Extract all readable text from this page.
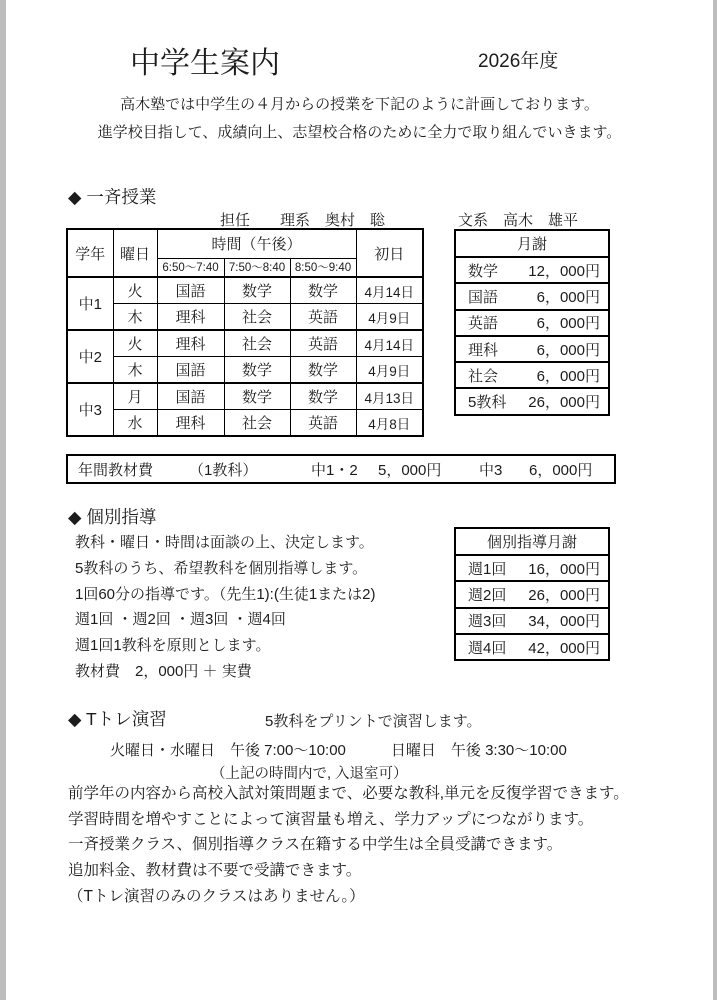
中学生案内	2026年度
高木塾では中学生の４月からの授業を下記のように計画しております。
進学校目指して、成績向上、志望校合格のために全力で取り組んでいきます。
◆ 一斉授業
担任　　理系　奥村　聡	文系　高木　雄平
学年	曜日	時間（午後）			初日
		6:50～7:40	7:50～8:40	8:50～9:40	
中1	火	国語	数学	数学	4月14日
	木	理科	社会	英語	4月9日
中2	火	理科	社会	英語	4月14日
	木	国語	数学	数学	4月9日
中3	月	国語	数学	数学	4月13日
	水	理科	社会	英語	4月8日
月謝

数学 12，000円

国語	6，000円

英語	6，000円

理科	6，000円

社会	6，000円

5教科 26，000円
年間教材費 （1教科）	中1・2 5，000円	中3 6，000円
◆ 個別指導
教科・曜日・時間は面談の上、決定します。
5教科のうち、希望教科を個別指導します。
1回60分の指導です。（先生1):(生徒1または2)
週1回 ・週2回 ・週3回 ・週4回
週1回1教科を原則とします。
教材費　2，000円 ＋ 実費
個別指導月謝

週1回 16，000円

週2回 26，000円

週3回 34，000円

週4回 42，000円
◆ Tトレ演習	5教科をプリントで演習します。
火曜日・水曜日　午後 7:00～10:00　　　日曜日　午後 3:30～10:00
（上記の時間内で, 入退室可）
前学年の内容から高校入試対策問題まで、必要な教科,単元を反復学習できます。
学習時間を増やすことによって演習量も増え、学力アップにつながります。
一斉授業クラス、個別指導クラス在籍する中学生は全員受講できます。
追加料金、教材費は不要で受講できます。
（Tトレ演習のみのクラスはありません。）
